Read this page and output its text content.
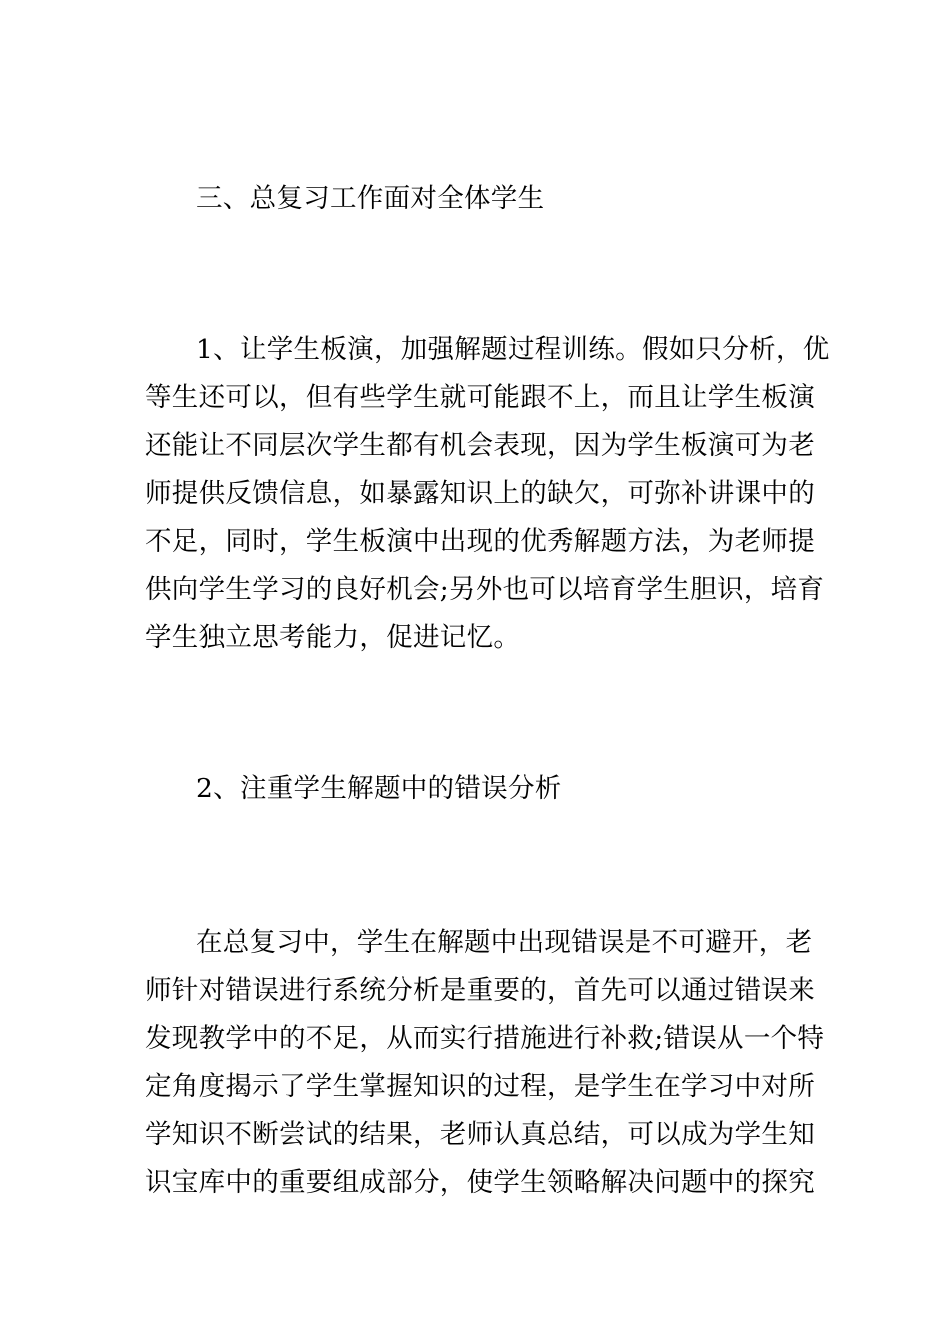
三、总复习工作面对全体学生
1、让学生板演，加强解题过程训练。假如只分析，优
等生还可以，但有些学生就可能跟不上，而且让学生板演
还能让不同层次学生都有机会表现，因为学生板演可为老
师提供反馈信息，如暴露知识上的缺欠，可弥补讲课中的
不足，同时，学生板演中出现的优秀解题方法，为老师提
供向学生学习的良好机会;另外也可以培育学生胆识，培育
学生独立思考能力，促进记忆。
2、注重学生解题中的错误分析
在总复习中，学生在解题中出现错误是不可避开，老
师针对错误进行系统分析是重要的，首先可以通过错误来
发现教学中的不足，从而实行措施进行补救;错误从一个特
定角度揭示了学生掌握知识的过程，是学生在学习中对所
学知识不断尝试的结果，老师认真总结，可以成为学生知
识宝库中的重要组成部分，使学生领略解决问题中的探究
